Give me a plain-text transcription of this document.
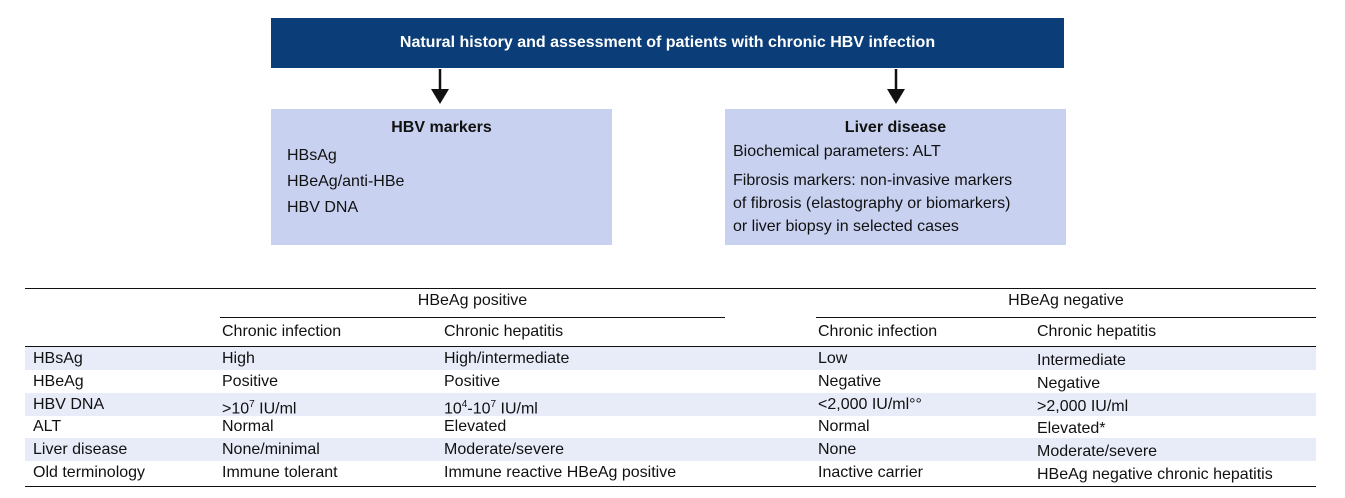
Natural history and assessment of patients with chronic HBV infection
HBV markers
HBsAg
HBeAg/anti-HBe
HBV DNA
Liver disease
Biochemical parameters: ALT
Fibrosis markers: non-invasive markers
of fibrosis (elastography or biomarkers)
or liver biopsy in selected cases
HBeAg positive	HBeAg negative
Chronic infection	Chronic hepatitis	Chronic infection	Chronic hepatitis
HBsAg	High	High/intermediate	Low	Intermediate
HBeAg	Positive	Positive	Negative	Negative
HBV DNA	$>10^7$ IU/ml	$10^4-10^7$ IU/ml	<2,000 IU/ml°°	>2,000 IU/ml
ALT	Normal	Elevated	Normal	Elevated*
Liver disease	None/minimal	Moderate/severe	None	Moderate/severe
Old terminology	Immune tolerant	Immune reactive HBeAg positive	Inactive carrier	HBeAg negative chronic hepatitis
